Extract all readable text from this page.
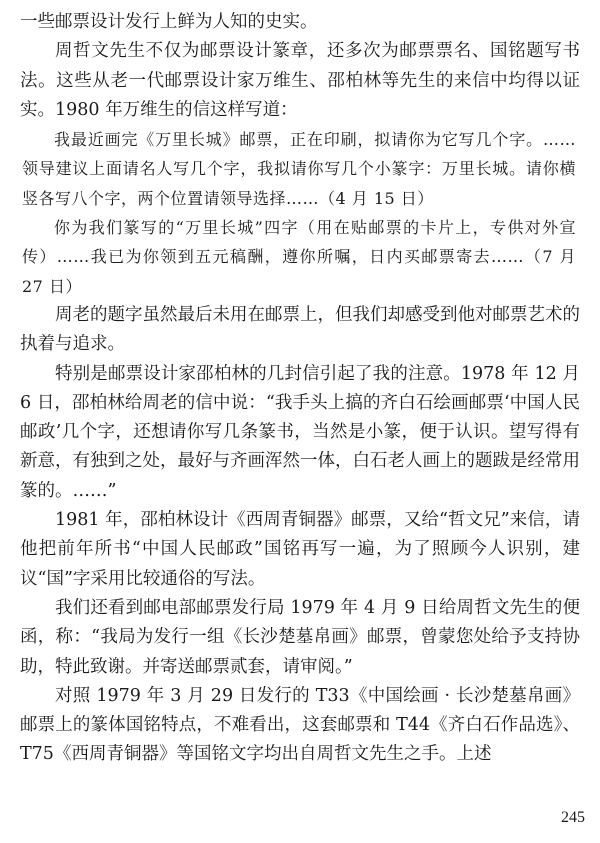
一些邮票设计发行上鲜为人知的史实。

周哲文先生不仅为邮票设计篆章，还多次为邮票票名、国铭题写书法。这些从老一代邮票设计家万维生、邵柏林等先生的来信中均得以证实。1980 年万维生的信这样写道：

我最近画完《万里长城》邮票，正在印刷，拟请你为它写几个字。……领导建议上面请名人写几个字，我拟请你写几个小篆字：万里长城。请你横竖各写八个字，两个位置请领导选择……（4 月 15 日）

你为我们篆写的“万里长城”四字（用在贴邮票的卡片上，专供对外宣传）……我已为你领到五元稿酬，遵你所嘱，日内买邮票寄去……（7 月 27 日）

周老的题字虽然最后未用在邮票上，但我们却感受到他对邮票艺术的执着与追求。

特别是邮票设计家邵柏林的几封信引起了我的注意。1978 年 12 月 6 日，邵柏林给周老的信中说：“我手头上搞的齐白石绘画邮票‘中国人民邮政’几个字，还想请你写几条篆书，当然是小篆，便于认识。望写得有新意，有独到之处，最好与齐画浑然一体，白石老人画上的题跋是经常用篆的。……”

1981 年，邵柏林设计《西周青铜器》邮票，又给“哲文兄”来信，请他把前年所书“中国人民邮政”国铭再写一遍，为了照顾今人识别，建议“国”字采用比较通俗的写法。

我们还看到邮电部邮票发行局 1979 年 4 月 9 日给周哲文先生的便函，称：“我局为发行一组《长沙楚墓帛画》邮票，曾蒙您处给予支持协助，特此致谢。并寄送邮票贰套，请审阅。”

对照 1979 年 3 月 29 日发行的 T33《中国绘画 · 长沙楚墓帛画》邮票上的篆体国铭特点，不难看出，这套邮票和 T44《齐白石作品选》、T75《西周青铜器》等国铭文字均出自周哲文先生之手。上述

245
